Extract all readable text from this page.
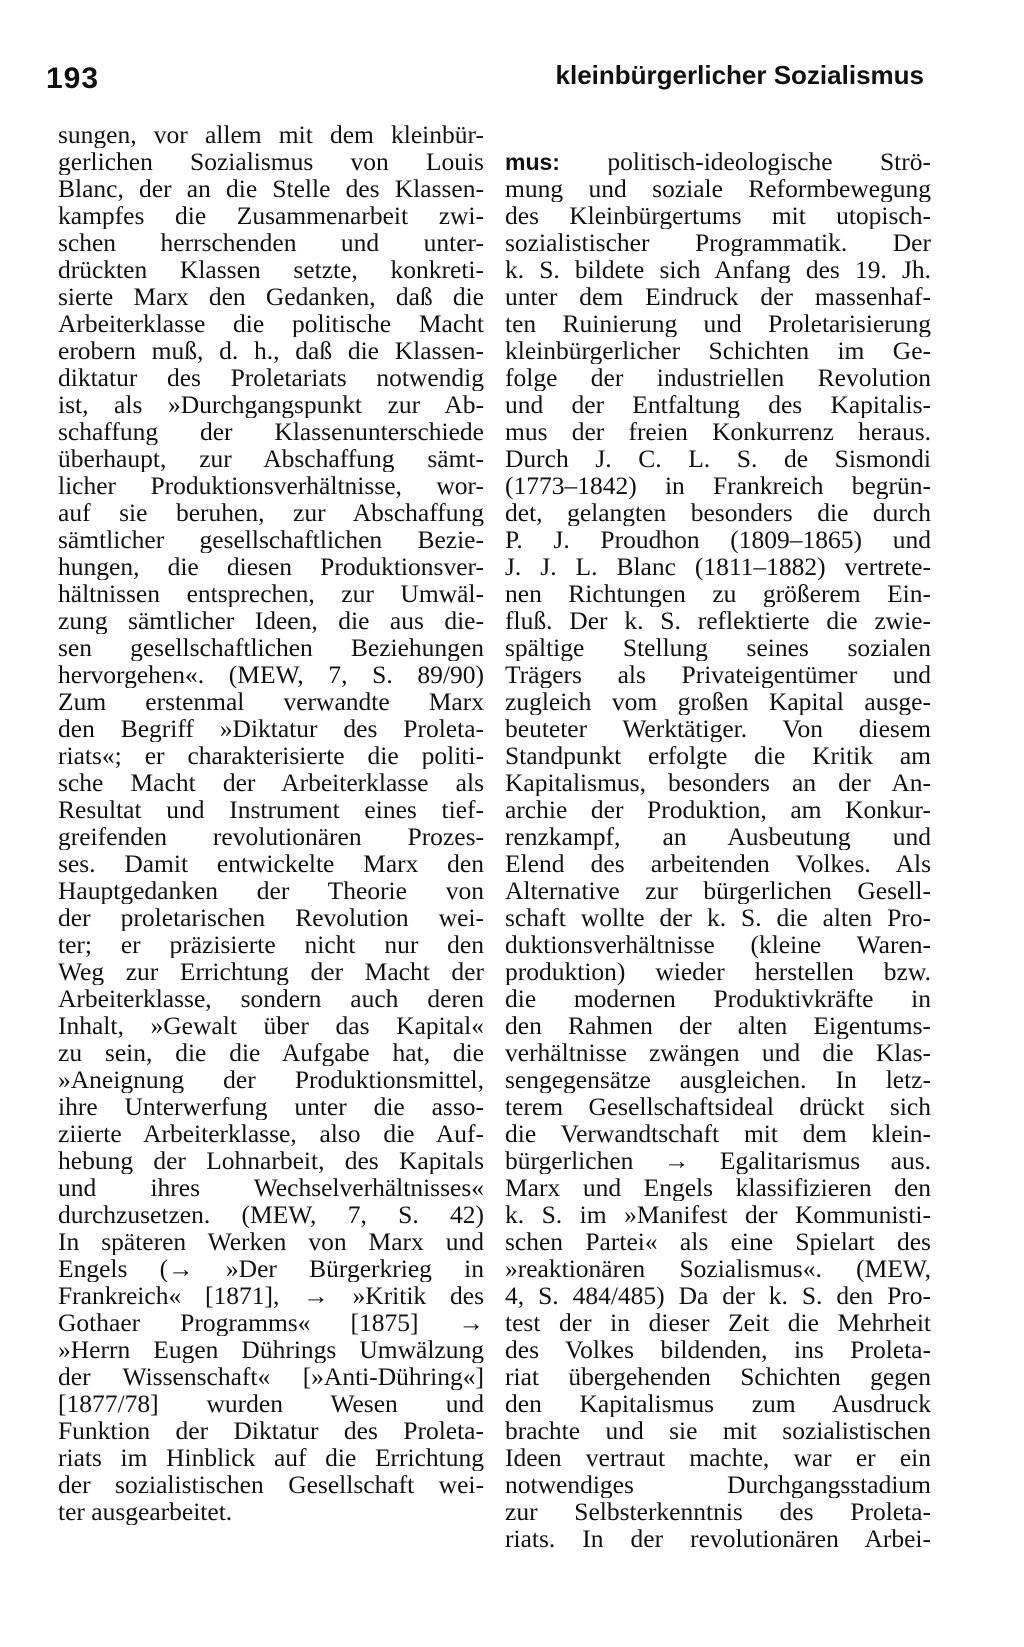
193	kleinbürgerlicher Sozialismus
sungen, vor allem mit dem kleinbür-
gerlichen Sozialismus von Louis
Blanc, der an die Stelle des Klassen-
kampfes die Zusammenarbeit zwi-
schen herrschenden und unter-
drückten Klassen setzte, konkreti-
sierte Marx den Gedanken, daß die
Arbeiterklasse die politische Macht
erobern muß, d. h., daß die Klassen-
diktatur des Proletariats notwendig
ist, als »Durchgangspunkt zur Ab-
schaffung der Klassenunterschiede
überhaupt, zur Abschaffung sämt-
licher Produktionsverhältnisse, wor-
auf sie beruhen, zur Abschaffung
sämtlicher gesellschaftlichen Bezie-
hungen, die diesen Produktionsver-
hältnissen entsprechen, zur Umwäl-
zung sämtlicher Ideen, die aus die-
sen gesellschaftlichen Beziehungen
hervorgehen«. (MEW, 7, S. 89/90)
Zum erstenmal verwandte Marx
den Begriff »Diktatur des Proleta-
riats«; er charakterisierte die politi-
sche Macht der Arbeiterklasse als
Resultat und Instrument eines tief-
greifenden revolutionären Prozes-
ses. Damit entwickelte Marx den
Hauptgedanken der Theorie von
der proletarischen Revolution wei-
ter; er präzisierte nicht nur den
Weg zur Errichtung der Macht der
Arbeiterklasse, sondern auch deren
Inhalt, »Gewalt über das Kapital«
zu sein, die die Aufgabe hat, die
»Aneignung der Produktionsmittel,
ihre Unterwerfung unter die asso-
ziierte Arbeiterklasse, also die Auf-
hebung der Lohnarbeit, des Kapitals
und ihres Wechselverhältnisses«
durchzusetzen. (MEW, 7, S. 42)
In späteren Werken von Marx und
Engels (→ »Der Bürgerkrieg in
Frankreich« [1871], → »Kritik des
Gothaer Programms« [1875] →
»Herrn Eugen Dührings Umwälzung
der Wissenschaft« [»Anti-Dühring«]
[1877/78] wurden Wesen und
Funktion der Diktatur des Proleta-
riats im Hinblick auf die Errichtung
der sozialistischen Gesellschaft wei-
ter ausgearbeitet.

mus: politisch-ideologische Strö-
mung und soziale Reformbewegung
des Kleinbürgertums mit utopisch-
sozialistischer Programmatik. Der
k. S. bildete sich Anfang des 19. Jh.
unter dem Eindruck der massenhaf-
ten Ruinierung und Proletarisierung
kleinbürgerlicher Schichten im Ge-
folge der industriellen Revolution
und der Entfaltung des Kapitalis-
mus der freien Konkurrenz heraus.
Durch J. C. L. S. de Sismondi
(1773–1842) in Frankreich begrün-
det, gelangten besonders die durch
P. J. Proudhon (1809–1865) und
J. J. L. Blanc (1811–1882) vertrete-
nen Richtungen zu größerem Ein-
fluß. Der k. S. reflektierte die zwie-
spältige Stellung seines sozialen
Trägers als Privateigentümer und
zugleich vom großen Kapital ausge-
beuteter Werktätiger. Von diesem
Standpunkt erfolgte die Kritik am
Kapitalismus, besonders an der An-
archie der Produktion, am Konkur-
renzkampf, an Ausbeutung und
Elend des arbeitenden Volkes. Als
Alternative zur bürgerlichen Gesell-
schaft wollte der k. S. die alten Pro-
duktionsverhältnisse (kleine Waren-
produktion) wieder herstellen bzw.
die modernen Produktivkräfte in
den Rahmen der alten Eigentums-
verhältnisse zwängen und die Klas-
sengegensätze ausgleichen. In letz-
terem Gesellschaftsideal drückt sich
die Verwandtschaft mit dem klein-
bürgerlichen → Egalitarismus aus.
Marx und Engels klassifizieren den
k. S. im »Manifest der Kommunisti-
schen Partei« als eine Spielart des
»reaktionären Sozialismus«. (MEW,
4, S. 484/485) Da der k. S. den Pro-
test der in dieser Zeit die Mehrheit
des Volkes bildenden, ins Proleta-
riat übergehenden Schichten gegen
den Kapitalismus zum Ausdruck
brachte und sie mit sozialistischen
Ideen vertraut machte, war er ein
notwendiges Durchgangsstadium
zur Selbsterkenntnis des Proleta-
riats. In der revolutionären Arbei-
